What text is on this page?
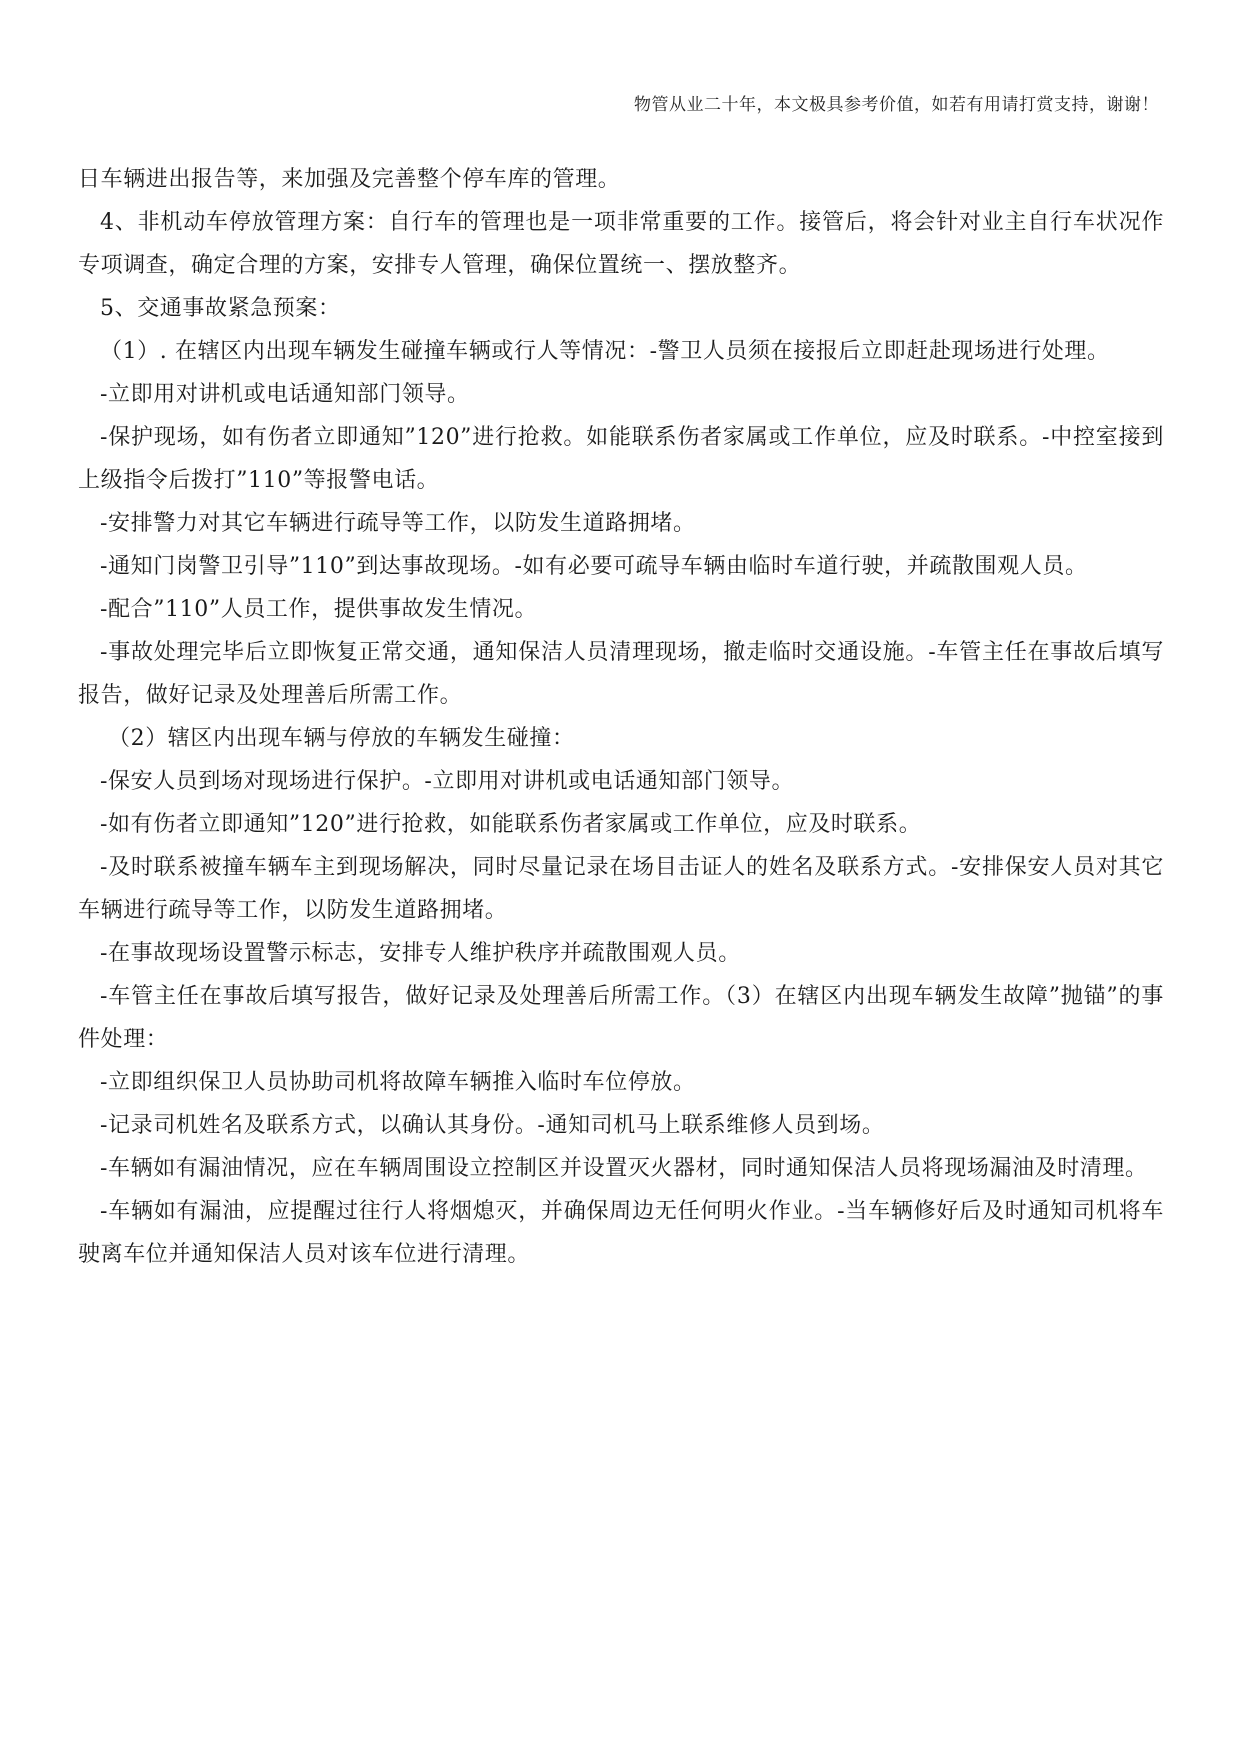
物管从业二十年，本文极具参考价值，如若有用请打赏支持，谢谢！

日车辆进出报告等，来加强及完善整个停车库的管理。

4、非机动车停放管理方案：自行车的管理也是一项非常重要的工作。接管后，将会针对业主自行车状况作专项调查，确定合理的方案，安排专人管理，确保位置统一、摆放整齐。

5、交通事故紧急预案：

（1）. 在辖区内出现车辆发生碰撞车辆或行人等情况：-警卫人员须在接报后立即赶赴现场进行处理。

-立即用对讲机或电话通知部门领导。

-保护现场，如有伤者立即通知”120”进行抢救。如能联系伤者家属或工作单位，应及时联系。-中控室接到上级指令后拨打”110”等报警电话。

-安排警力对其它车辆进行疏导等工作，以防发生道路拥堵。

-通知门岗警卫引导”110”到达事故现场。-如有必要可疏导车辆由临时车道行驶，并疏散围观人员。

-配合”110”人员工作，提供事故发生情况。

-事故处理完毕后立即恢复正常交通，通知保洁人员清理现场，撤走临时交通设施。-车管主任在事故后填写报告，做好记录及处理善后所需工作。

（2）辖区内出现车辆与停放的车辆发生碰撞：

-保安人员到场对现场进行保护。-立即用对讲机或电话通知部门领导。

-如有伤者立即通知”120”进行抢救，如能联系伤者家属或工作单位，应及时联系。

-及时联系被撞车辆车主到现场解决，同时尽量记录在场目击证人的姓名及联系方式。-安排保安人员对其它车辆进行疏导等工作，以防发生道路拥堵。

-在事故现场设置警示标志，安排专人维护秩序并疏散围观人员。

-车管主任在事故后填写报告，做好记录及处理善后所需工作。（3）在辖区内出现车辆发生故障”抛锚”的事件处理：

-立即组织保卫人员协助司机将故障车辆推入临时车位停放。

-记录司机姓名及联系方式，以确认其身份。-通知司机马上联系维修人员到场。

-车辆如有漏油情况，应在车辆周围设立控制区并设置灭火器材，同时通知保洁人员将现场漏油及时清理。

-车辆如有漏油，应提醒过往行人将烟熄灭，并确保周边无任何明火作业。-当车辆修好后及时通知司机将车驶离车位并通知保洁人员对该车位进行清理。
